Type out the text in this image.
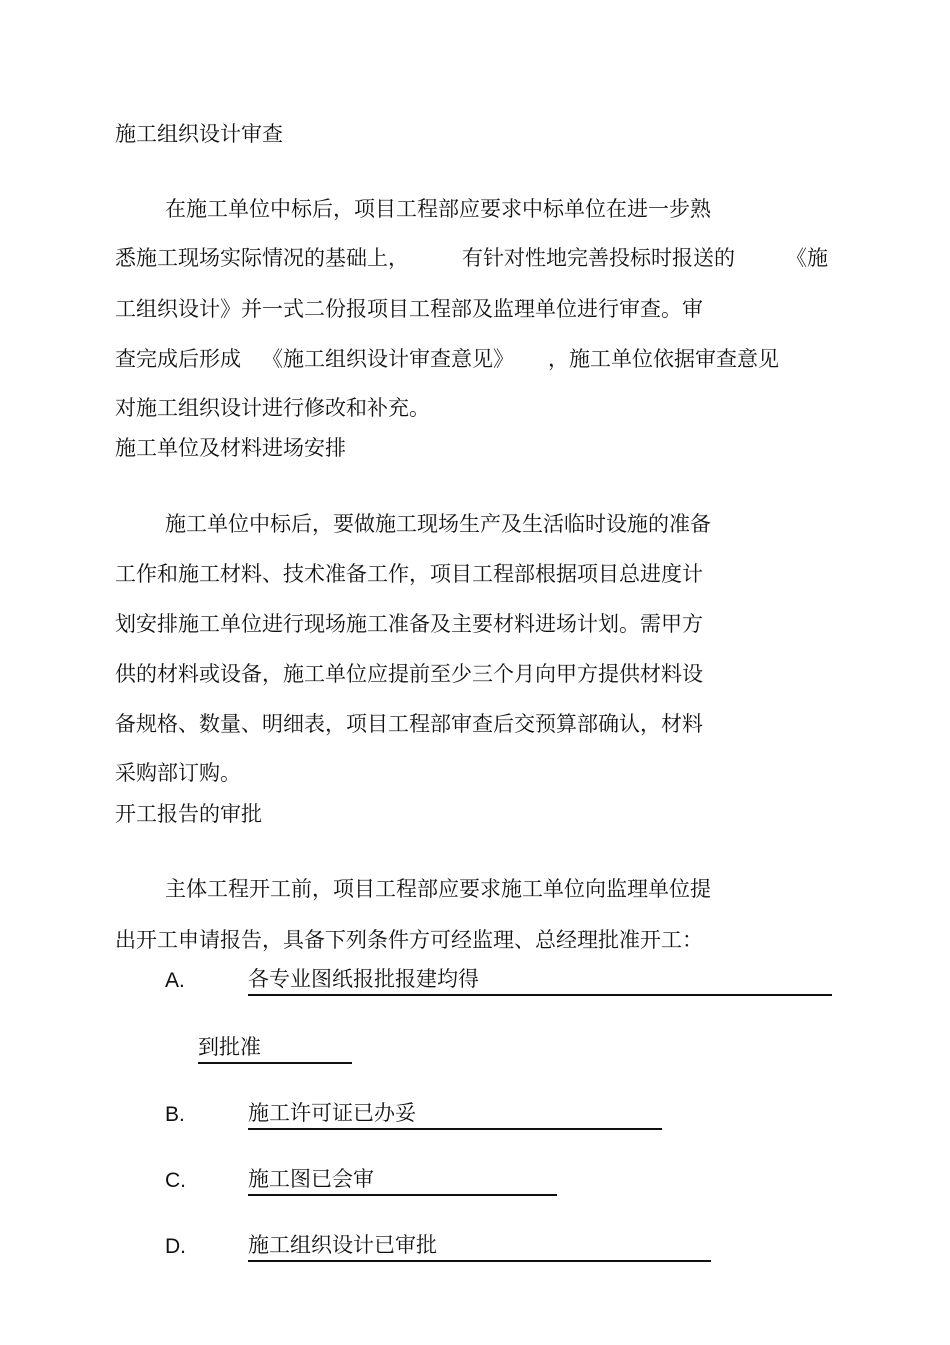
施工组织设计审查
在施工单位中标后，项目工程部应要求中标单位在进一步熟
悉施工现场实际情况的基础上，	有针对性地完善投标时报送的 《施
工组织设计》并一式二份报项目工程部及监理单位进行审查。审
查完成后形成 《施工组织设计审查意见》 ，施工单位依据审查意见
对施工组织设计进行修改和补充。
施工单位及材料进场安排
施工单位中标后，要做施工现场生产及生活临时设施的准备
工作和施工材料、技术准备工作，项目工程部根据项目总进度计
划安排施工单位进行现场施工准备及主要材料进场计划。需甲方
供的材料或设备，施工单位应提前至少三个月向甲方提供材料设
备规格、数量、明细表，项目工程部审查后交预算部确认，材料
采购部订购。
开工报告的审批
主体工程开工前，项目工程部应要求施工单位向监理单位提
出开工申请报告，具备下列条件方可经监理、总经理批准开工：
A.	各专业图纸报批报建均得
到批准
B.	施工许可证已办妥
C.	施工图已会审
D.	施工组织设计已审批
